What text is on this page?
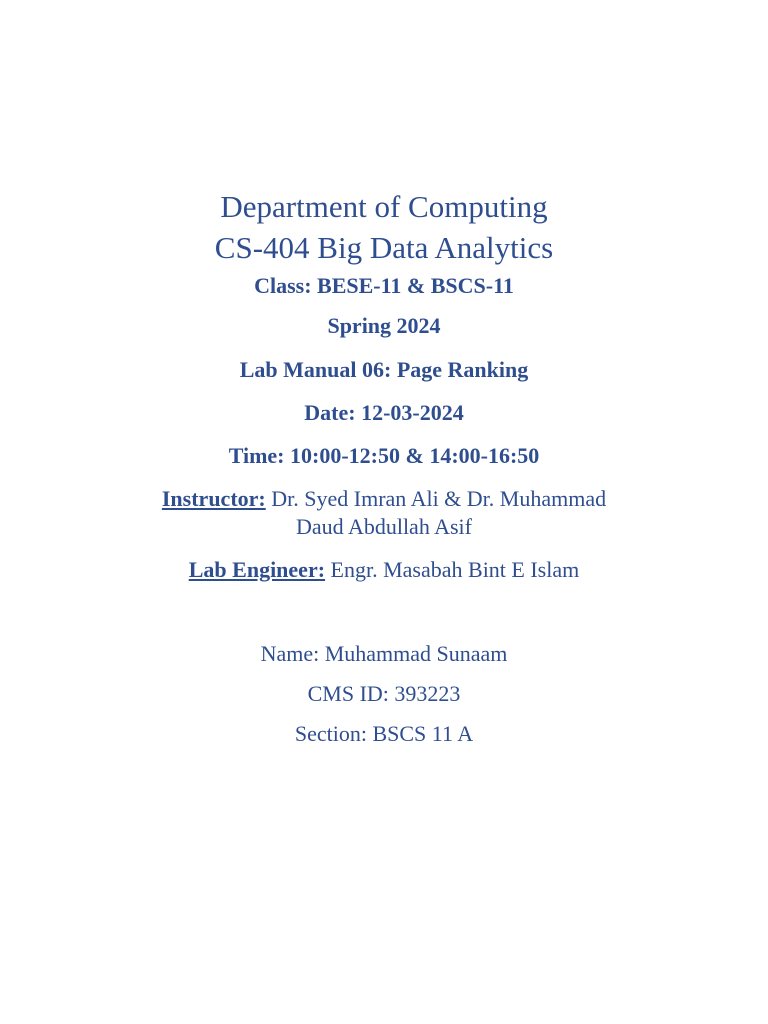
Department of Computing
CS-404 Big Data Analytics
Class: BESE-11 & BSCS-11
Spring 2024
Lab Manual 06: Page Ranking
Date: 12-03-2024
Time: 10:00-12:50 & 14:00-16:50
Instructor: Dr. Syed Imran Ali & Dr. Muhammad
Daud Abdullah Asif
Lab Engineer: Engr. Masabah Bint E Islam
Name: Muhammad Sunaam
CMS ID: 393223
Section: BSCS 11 A
